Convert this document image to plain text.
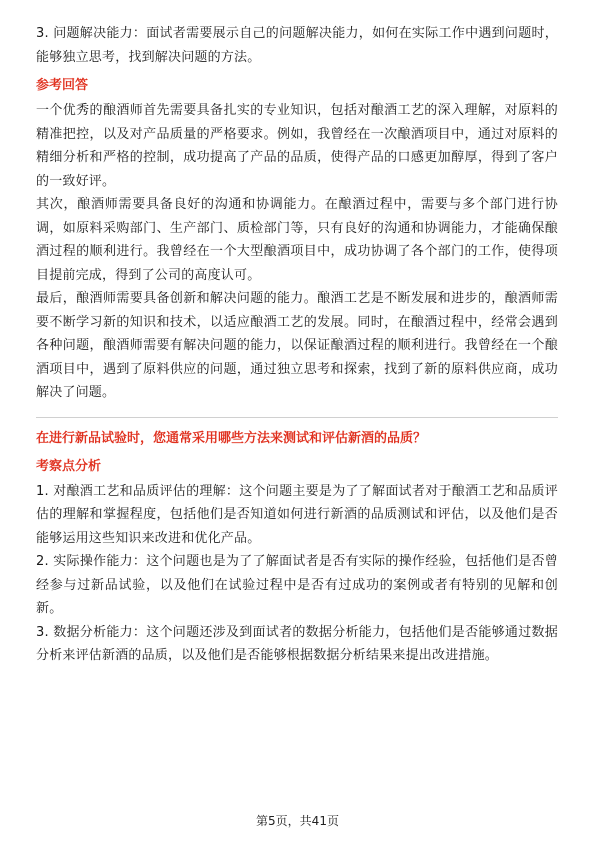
3. 问题解决能力：面试者需要展示自己的问题解决能力，如何在实际工作中遇到问题时，能够独立思考，找到解决问题的方法。

参考回答

一个优秀的酿酒师首先需要具备扎实的专业知识，包括对酿酒工艺的深入理解，对原料的精准把控，以及对产品质量的严格要求。例如，我曾经在一次酿酒项目中，通过对原料的精细分析和严格的控制，成功提高了产品的品质，使得产品的口感更加醇厚，得到了客户的一致好评。

其次，酿酒师需要具备良好的沟通和协调能力。在酿酒过程中，需要与多个部门进行协调，如原料采购部门、生产部门、质检部门等，只有良好的沟通和协调能力，才能确保酿酒过程的顺利进行。我曾经在一个大型酿酒项目中，成功协调了各个部门的工作，使得项目提前完成，得到了公司的高度认可。

最后，酿酒师需要具备创新和解决问题的能力。酿酒工艺是不断发展和进步的，酿酒师需要不断学习新的知识和技术，以适应酿酒工艺的发展。同时，在酿酒过程中，经常会遇到各种问题，酿酒师需要有解决问题的能力，以保证酿酒过程的顺利进行。我曾经在一个酿酒项目中，遇到了原料供应的问题，通过独立思考和探索，找到了新的原料供应商，成功解决了问题。

在进行新品试验时，您通常采用哪些方法来测试和评估新酒的品质？
考察点分析

1. 对酿酒工艺和品质评估的理解：这个问题主要是为了了解面试者对于酿酒工艺和品质评估的理解和掌握程度，包括他们是否知道如何进行新酒的品质测试和评估，以及他们是否能够运用这些知识来改进和优化产品。

2. 实际操作能力：这个问题也是为了了解面试者是否有实际的操作经验，包括他们是否曾经参与过新品试验，以及他们在试验过程中是否有过成功的案例或者有特别的见解和创新。

3. 数据分析能力：这个问题还涉及到面试者的数据分析能力，包括他们是否能够通过数据分析来评估新酒的品质，以及他们是否能够根据数据分析结果来提出改进措施。

第5页，共41页
